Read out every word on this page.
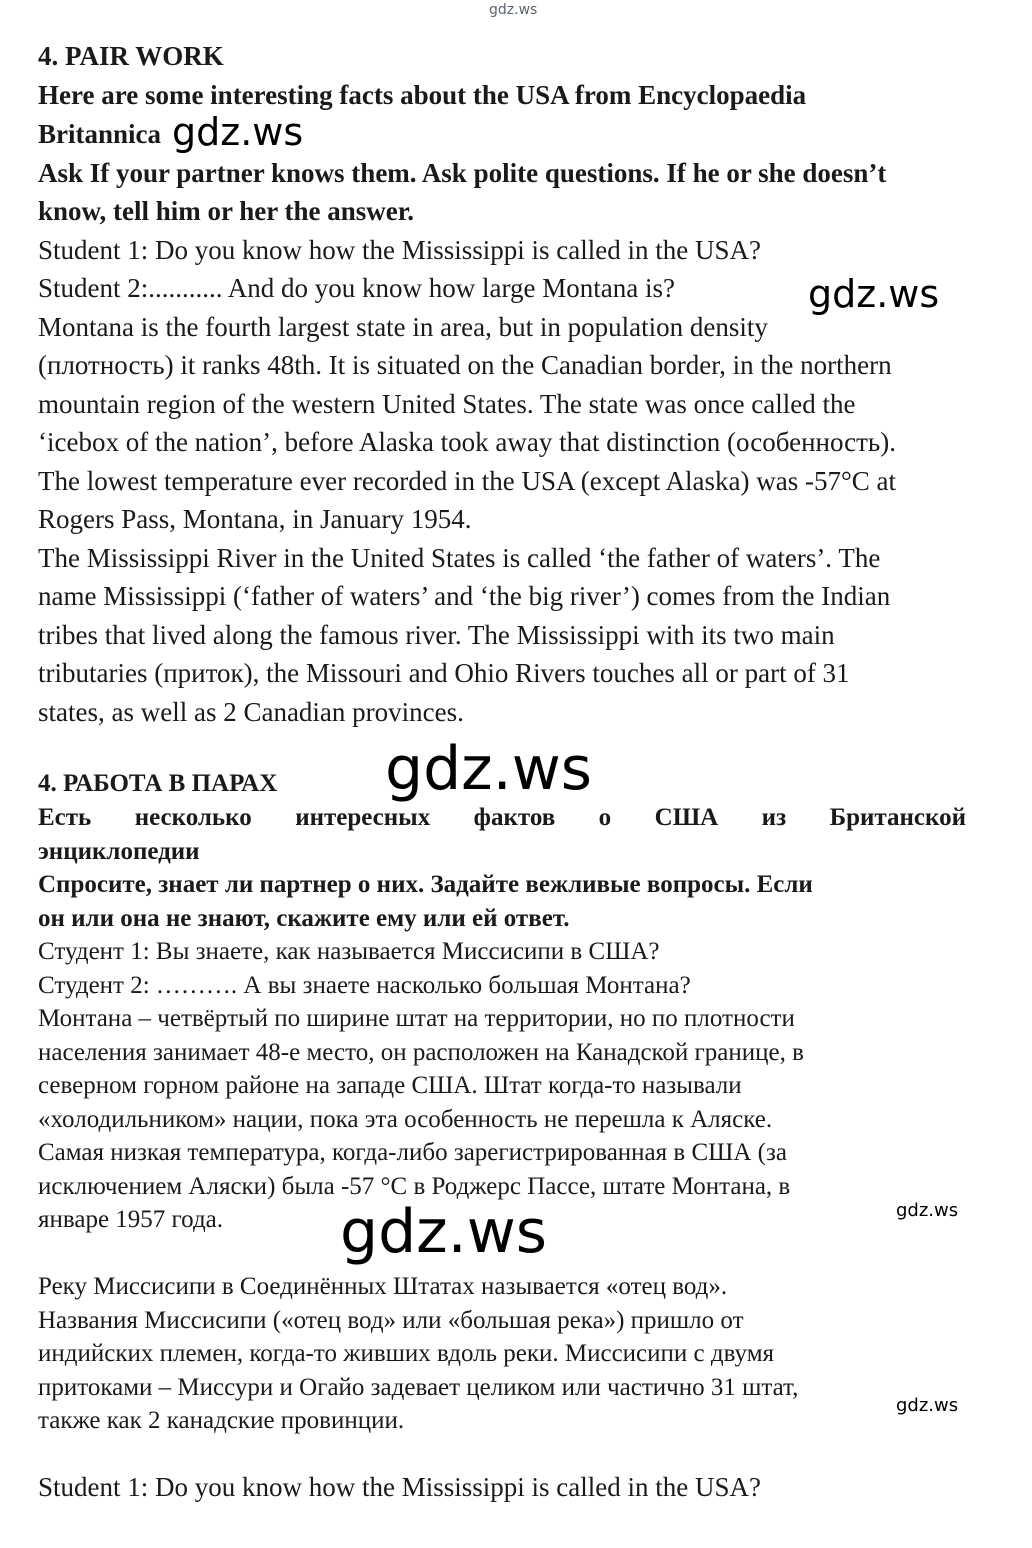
gdz.ws
4. PAIR WORK
Here are some interesting facts about the USA from Encyclopaedia
Britannica
Ask If your partner knows them. Ask polite questions. If he or she doesn’t
know, tell him or her the answer.
Student 1: Do you know how the Mississippi is called in the USA?
Student 2:........... And do you know how large Montana is?
Montana is the fourth largest state in area, but in population density
(плотность) it ranks 48th. It is situated on the Canadian border, in the northern
mountain region of the western United States. The state was once called the
‘icebox of the nation’, before Alaska took away that distinction (особенность).
The lowest temperature ever recorded in the USA (except Alaska) was -57°C at
Rogers Pass, Montana, in January 1954.
The Mississippi River in the United States is called ‘the father of waters’. The
name Mississippi (‘father of waters’ and ‘the big river’) comes from the Indian
tribes that lived along the famous river. The Mississippi with its two main
tributaries (приток), the Missouri and Ohio Rivers touches all or part of 31
states, as well as 2 Canadian provinces.
4. РАБОТА В ПАРАХ
Есть несколько интересных фактов о США из Британской
энциклопедии
Спросите, знает ли партнер о них. Задайте вежливые вопросы. Если
он или она не знают, скажите ему или ей ответ.
Студент 1: Вы знаете, как называется Миссисипи в США?
Студент 2: ………. А вы знаете насколько большая Монтана?
Монтана – четвёртый по ширине штат на территории, но по плотности
населения занимает 48-е место, он расположен на Канадской границе, в
северном горном районе на западе США. Штат когда-то называли
«холодильником» нации, пока эта особенность не перешла к Аляске.
Самая низкая температура, когда-либо зарегистрированная в США (за
исключением Аляски) была -57 °С в Роджерс Пассе, штате Монтана, в
январе 1957 года.
Реку Миссисипи в Соединённых Штатах называется «отец вод».
Названия Миссисипи («отец вод» или «большая река») пришло от
индийских племен, когда-то живших вдоль реки. Миссисипи с двумя
притоками – Миссури и Огайо задевает целиком или частично 31 штат,
также как 2 канадские провинции.
Student 1: Do you know how the Mississippi is called in the USA?
gdz.ws
gdz.ws
gdz.ws
gdz.ws	gdz.ws
gdz.ws
